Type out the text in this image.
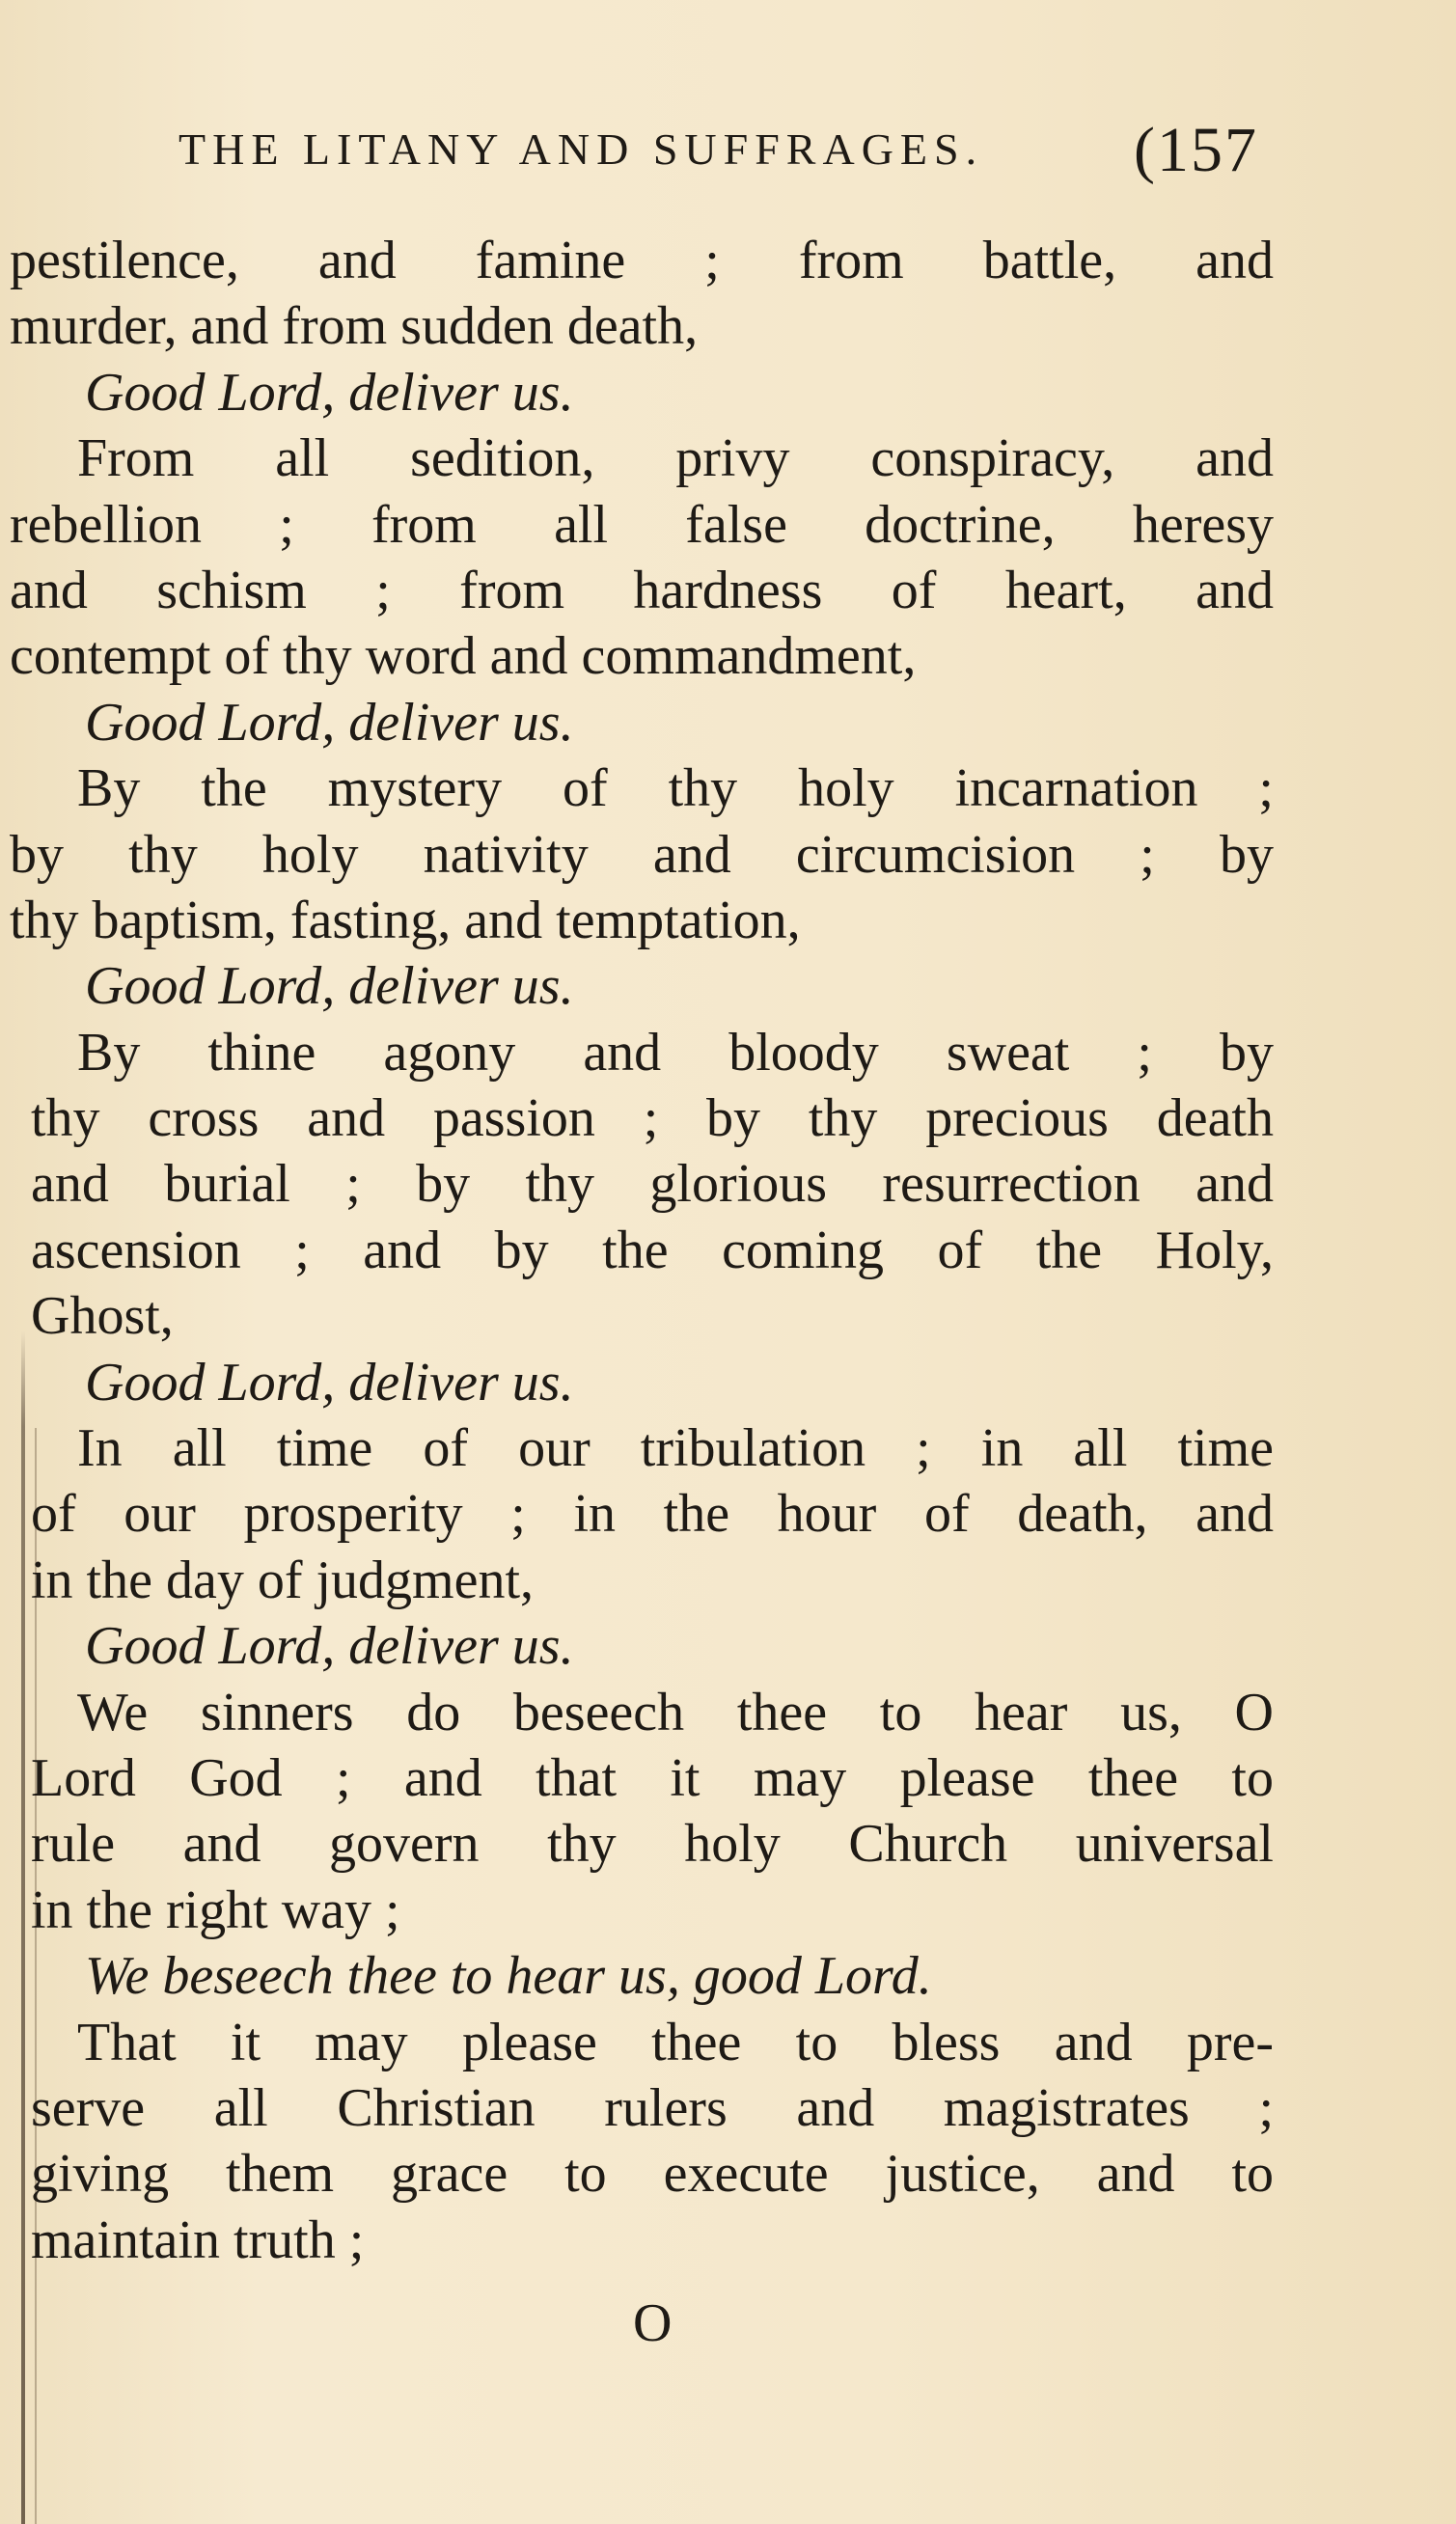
THE LITANY AND SUFFRAGES. (157
pestilence, and famine ; from battle, and
murder, and from sudden death,
Good Lord, deliver us.
From all sedition, privy conspiracy, and
rebellion ; from all false doctrine, heresy
and schism ; from hardness of heart, and
contempt of thy word and commandment,
Good Lord, deliver us.
By the mystery of thy holy incarnation ;
by thy holy nativity and circumcision ; by
thy baptism, fasting, and temptation,
Good Lord, deliver us.
By thine agony and bloody sweat ; by
thy cross and passion ; by thy precious death
and burial ; by thy glorious resurrection and
ascension ; and by the coming of the Holy,
Ghost,
Good Lord, deliver us.
In all time of our tribulation ; in all time
of our prosperity ; in the hour of death, and
in the day of judgment,
Good Lord, deliver us.
We sinners do beseech thee to hear us, O
Lord God ; and that it may please thee to
rule and govern thy holy Church universal
in the right way ;
We beseech thee to hear us, good Lord.
That it may please thee to bless and pre-
serve all Christian rulers and magistrates ;
giving them grace to execute justice, and to
maintain truth ;
O
